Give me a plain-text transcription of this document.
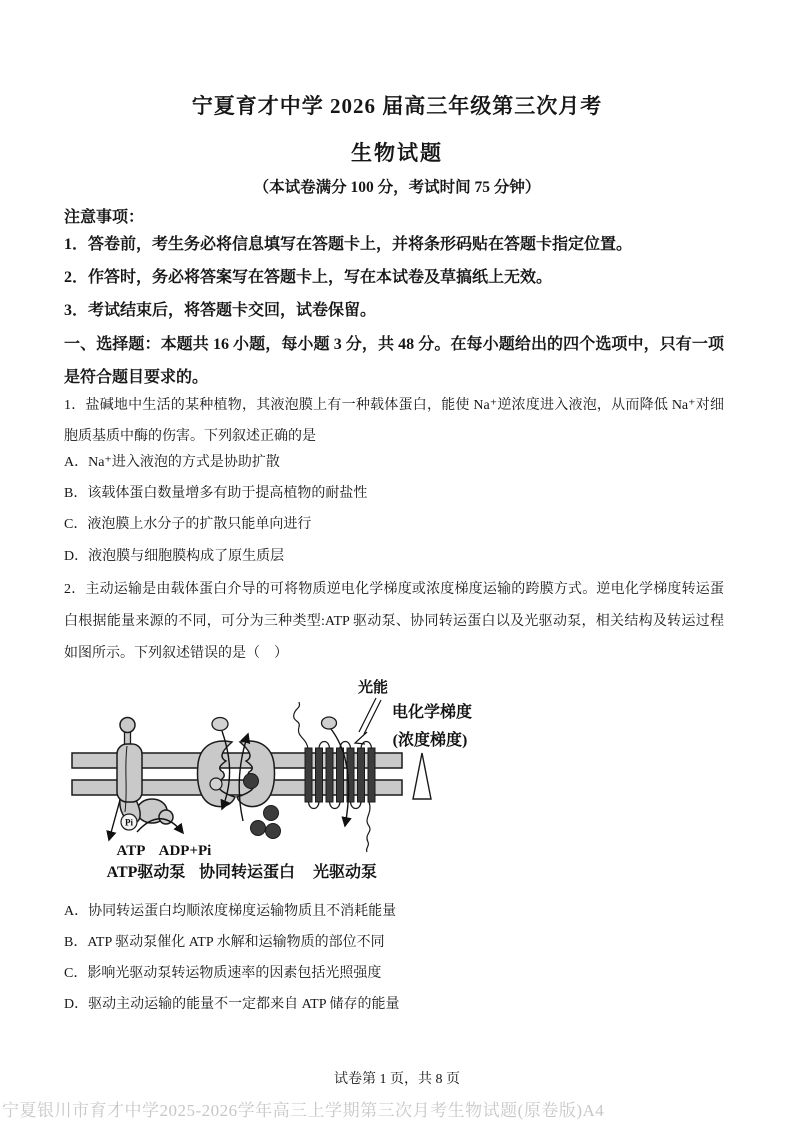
宁夏育才中学 2026 届高三年级第三次月考
生物试题
（本试卷满分 100 分，考试时间 75 分钟）
注意事项：
1．答卷前，考生务必将信息填写在答题卡上，并将条形码贴在答题卡指定位置。
2．作答时，务必将答案写在答题卡上，写在本试卷及草搞纸上无效。
3．考试结束后，将答题卡交回，试卷保留。
一、选择题：本题共 16 小题，每小题 3 分，共 48 分。在每小题给出的四个选项中，只有一项是符合题目要求的。
1．盐碱地中生活的某种植物，其液泡膜上有一种载体蛋白，能使 Na⁺逆浓度进入液泡，从而降低 Na⁺对细胞质基质中酶的伤害。下列叙述正确的是
A．Na⁺进入液泡的方式是协助扩散
B．该载体蛋白数量增多有助于提高植物的耐盐性
C．液泡膜上水分子的扩散只能单向进行
D．液泡膜与细胞膜构成了原生质层
2．主动运输是由载体蛋白介导的可将物质逆电化学梯度或浓度梯度运输的跨膜方式。逆电化学梯度转运蛋白根据能量来源的不同，可分为三种类型:ATP 驱动泵、协同转运蛋白以及光驱动泵，相关结构及转运过程如图所示。下列叙述错误的是（　）
Pi
光能
电化学梯度
(浓度梯度)
ATP ADP+Pi
ATP驱动泵 协同转运蛋白 光驱动泵
A．协同转运蛋白均顺浓度梯度运输物质且不消耗能量
B．ATP 驱动泵催化 ATP 水解和运输物质的部位不同
C．影响光驱动泵转运物质速率的因素包括光照强度
D．驱动主动运输的能量不一定都来自 ATP 储存的能量
试卷第 1 页，共 8 页
宁夏银川市育才中学2025-2026学年高三上学期第三次月考生物试题(原卷版)A4
